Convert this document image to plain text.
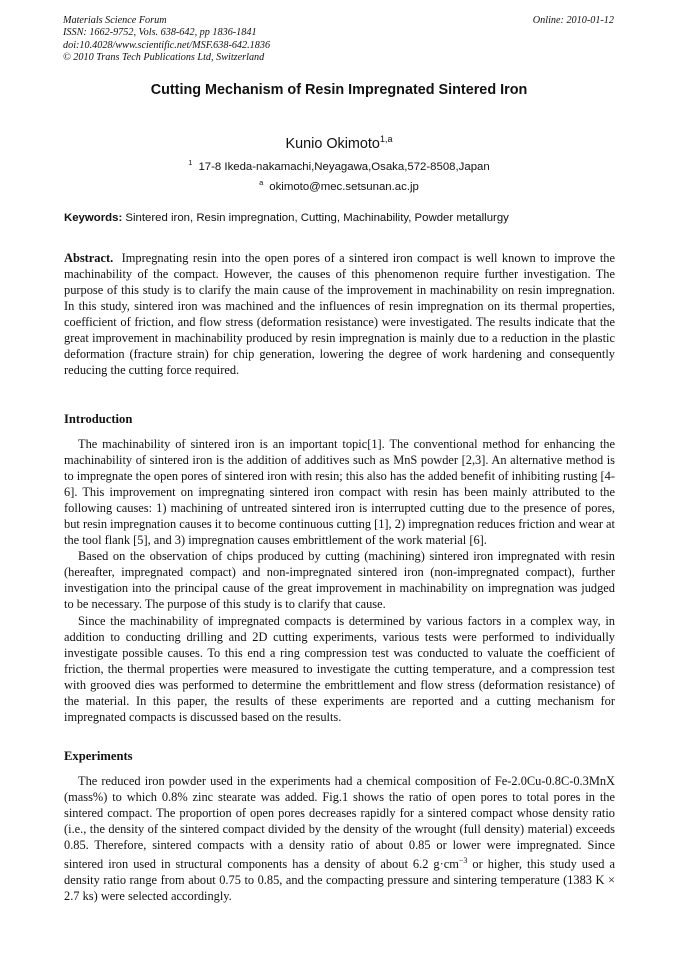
Materials Science Forum
ISSN: 1662-9752, Vols. 638-642, pp 1836-1841
doi:10.4028/www.scientific.net/MSF.638-642.1836
© 2010 Trans Tech Publications Ltd, Switzerland
Online: 2010-01-12
Cutting Mechanism of Resin Impregnated Sintered Iron
Kunio Okimoto$^{1,a}$
$^1$ 17-8 Ikeda-nakamachi,Neyagawa,Osaka,572-8508,Japan
$^a$ okimoto@mec.setsunan.ac.jp
Keywords: Sintered iron, Resin impregnation, Cutting, Machinability, Powder metallurgy

Abstract. Impregnating resin into the open pores of a sintered iron compact is well known to improve the machinability of the compact. However, the causes of this phenomenon require further investigation. The purpose of this study is to clarify the main cause of the improvement in machinability on resin impregnation. In this study, sintered iron was machined and the influences of resin impregnation on its thermal properties, coefficient of friction, and flow stress (deformation resistance) were investigated. The results indicate that the great improvement in machinability produced by resin impregnation is mainly due to a reduction in the plastic deformation (fracture strain) for chip generation, lowering the degree of work hardening and consequently reducing the cutting force required.

Introduction

The machinability of sintered iron is an important topic[1]. The conventional method for enhancing the machinability of sintered iron is the addition of additives such as MnS powder [2,3]. An alternative method is to impregnate the open pores of sintered iron with resin; this also has the added benefit of inhibiting rusting [4-6]. This improvement on impregnating sintered iron compact with resin has been mainly attributed to the following causes: 1) machining of untreated sintered iron is interrupted cutting due to the presence of pores, but resin impregnation causes it to become continuous cutting [1], 2) impregnation reduces friction and wear at the tool flank [5], and 3) impregnation causes embrittlement of the work material [6].

Based on the observation of chips produced by cutting (machining) sintered iron impregnated with resin (hereafter, impregnated compact) and non-impregnated sintered iron (non-impregnated compact), further investigation into the principal cause of the great improvement in machinability on impregnation was judged to be necessary. The purpose of this study is to clarify that cause.

Since the machinability of impregnated compacts is determined by various factors in a complex way, in addition to conducting drilling and 2D cutting experiments, various tests were performed to individually investigate possible causes. To this end a ring compression test was conducted to valuate the coefficient of friction, the thermal properties were measured to investigate the cutting temperature, and a compression test with grooved dies was performed to determine the embrittlement and flow stress (deformation resistance) of the material. In this paper, the results of these experiments are reported and a cutting mechanism for impregnated compacts is discussed based on the results.

Experiments

The reduced iron powder used in the experiments had a chemical composition of Fe-2.0Cu-0.8C-0.3MnX (mass%) to which 0.8% zinc stearate was added. Fig.1 shows the ratio of open pores to total pores in the sintered compact. The proportion of open pores decreases rapidly for a sintered compact whose density ratio (i.e., the density of the sintered compact divided by the density of the wrought (full density) material) exceeds 0.85. Therefore, sintered compacts with a density ratio of about 0.85 or lower were impregnated. Since sintered iron used in structural components has a density of about 6.2 $g\cdot cm^{-3}$ or higher, this study used a density ratio range from about 0.75 to 0.85, and the compacting pressure and sintering temperature (1383 K × 2.7 ks) were selected accordingly.
